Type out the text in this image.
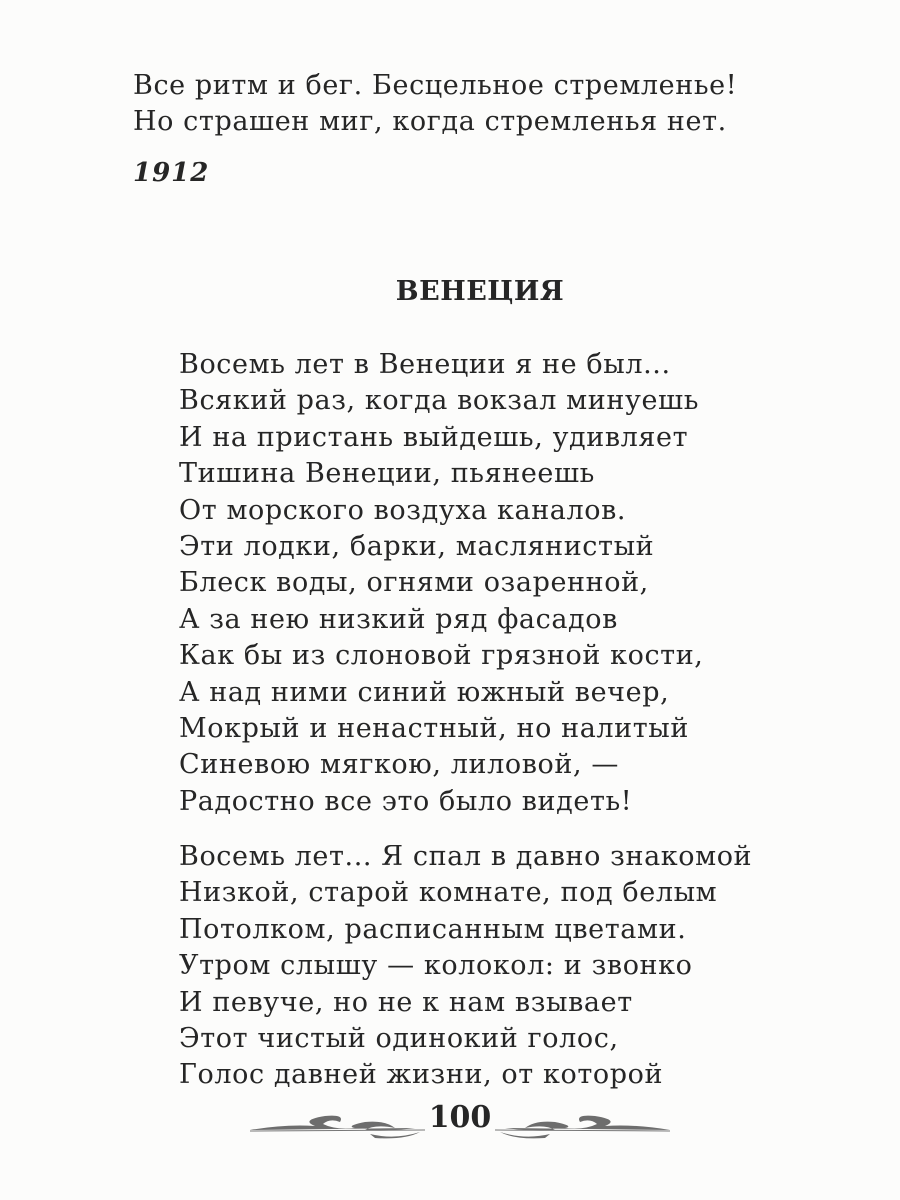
Все ритм и бег. Бесцельное стремленье!
Но страшен миг, когда стремленья нет.
1912
ВЕНЕЦИЯ
Восемь лет в Венеции я не был...
Всякий раз, когда вокзал минуешь
И на пристань выйдешь, удивляет
Тишина Венеции, пьянеешь
От морского воздуха каналов.
Эти лодки, барки, маслянистый
Блеск воды, огнями озаренной,
А за нею низкий ряд фасадов
Как бы из слоновой грязной кости,
А над ними синий южный вечер,
Мокрый и ненастный, но налитый
Синевою мягкою, лиловой, —
Радостно все это было видеть!
Восемь лет... Я спал в давно знакомой
Низкой, старой комнате, под белым
Потолком, расписанным цветами.
Утром слышу — колокол: и звонко
И певуче, но не к нам взывает
Этот чистый одинокий голос,
Голос давней жизни, от которой
100
